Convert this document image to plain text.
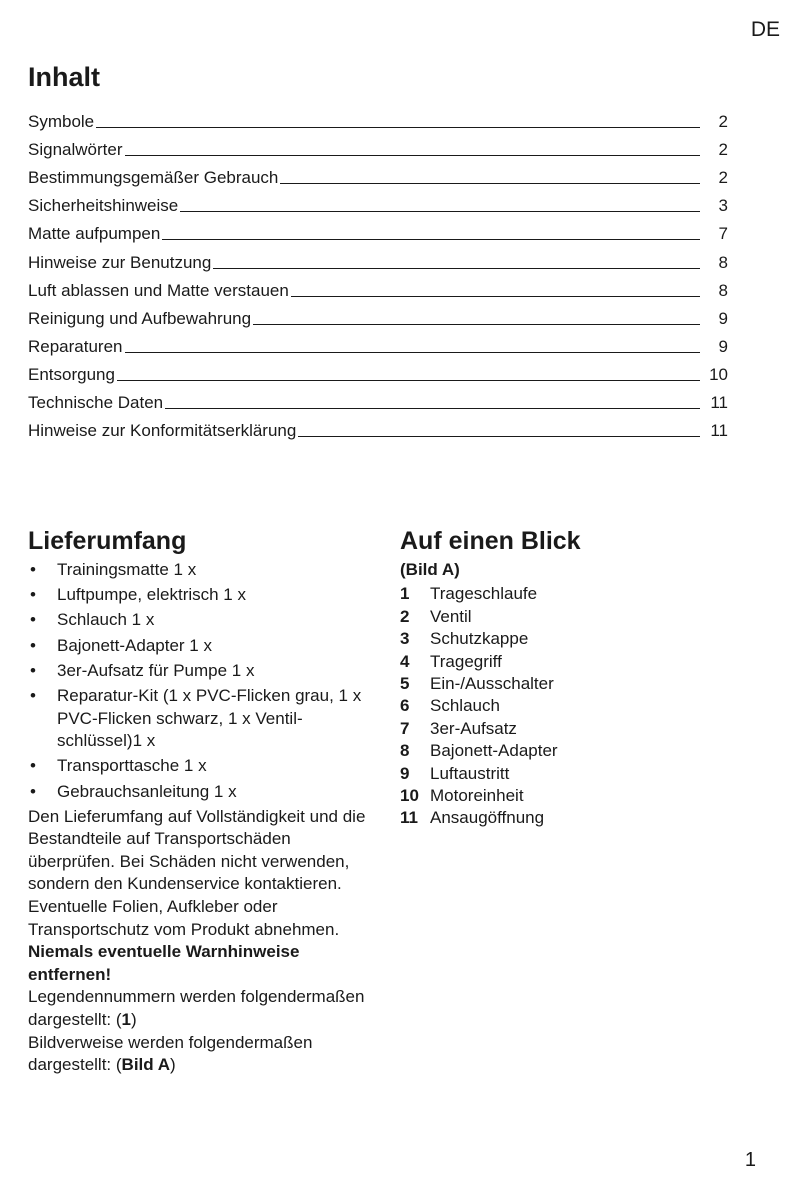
DE
Inhalt
Symbole	2
Signalwörter	2
Bestimmungsgemäßer Gebrauch	2
Sicherheitshinweise	3
Matte aufpumpen	7
Hinweise zur Benutzung	8
Luft ablassen und Matte verstauen	8
Reinigung und Aufbewahrung	9
Reparaturen	9
Entsorgung	10
Technische Daten	11
Hinweise zur Konformitätserklärung	11
Lieferumfang
• Trainingsmatte 1 x
• Luftpumpe, elektrisch 1 x
• Schlauch 1 x
• Bajonett-Adapter 1 x
• 3er-Aufsatz für Pumpe 1 x
• Reparatur-Kit (1 x PVC-Flicken grau, 1 x PVC-Flicken schwarz, 1 x Ventil-schlüssel)1 x
• Transporttasche 1 x
• Gebrauchsanleitung 1 x

Den Lieferumfang auf Vollständigkeit und die Bestandteile auf Transportschäden überprüfen. Bei Schäden nicht verwenden, sondern den Kundenservice kontaktieren.

Eventuelle Folien, Aufkleber oder Transportschutz vom Produkt abnehmen.

Niemals eventuelle Warnhinweise entfernen!

Legendennummern werden folgendermaßen dargestellt: (1)

Bildverweise werden folgendermaßen dargestellt: (Bild A)

Auf einen Blick
(Bild A)
1	Trageschlaufe
2	Ventil
3	Schutzkappe
4	Tragegriff
5	Ein-/Ausschalter
6	Schlauch
7	3er-Aufsatz
8	Bajonett-Adapter
9	Luftaustritt
10 Motoreinheit
11 Ansaugöffnung
1
